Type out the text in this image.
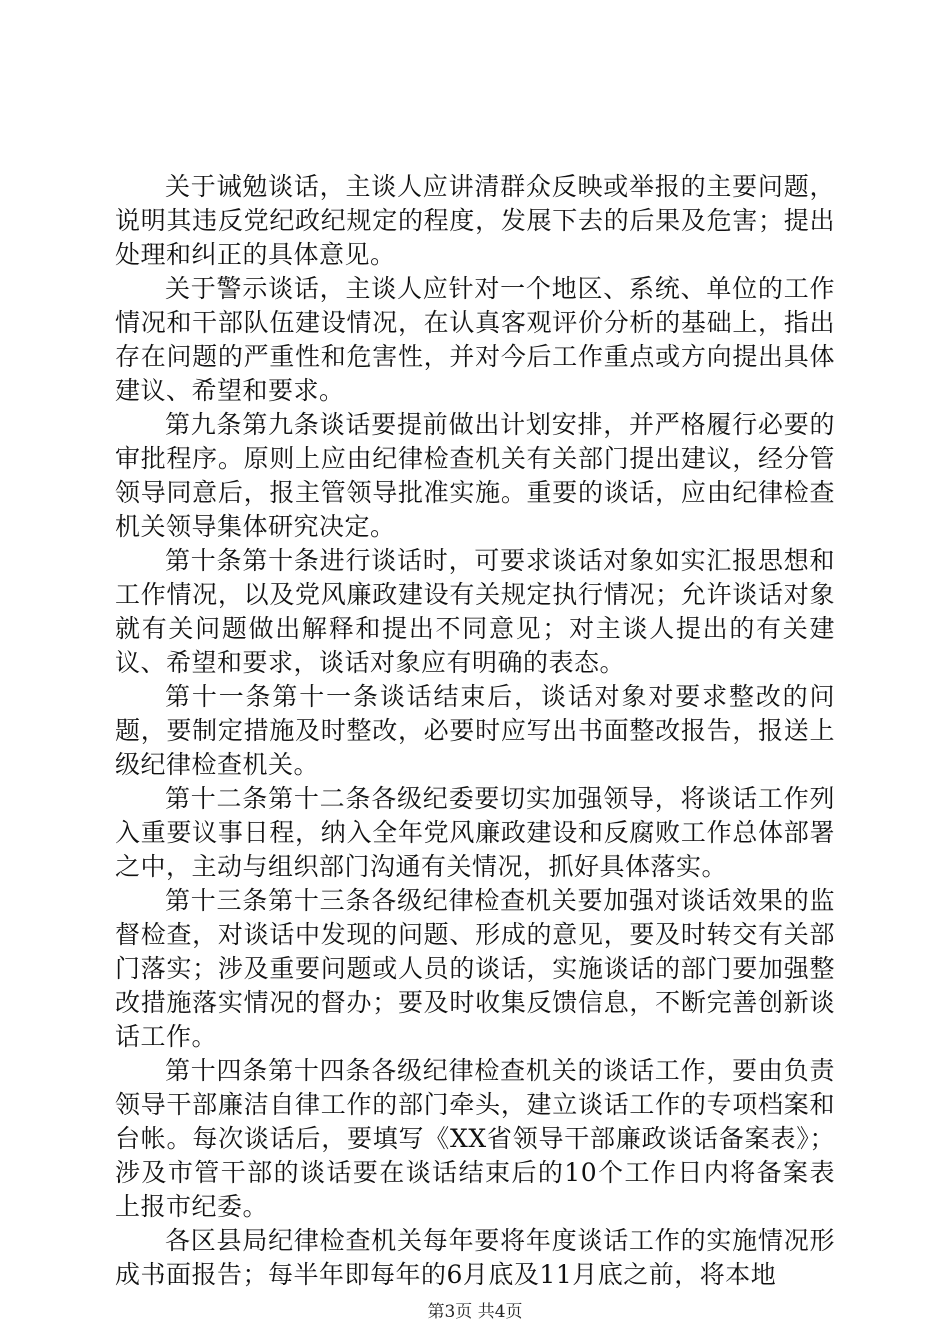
关于诫勉谈话，主谈人应讲清群众反映或举报的主要问题，说明其违反党纪政纪规定的程度，发展下去的后果及危害；提出处理和纠正的具体意见。

关于警示谈话，主谈人应针对一个地区、系统、单位的工作情况和干部队伍建设情况，在认真客观评价分析的基础上，指出存在问题的严重性和危害性，并对今后工作重点或方向提出具体建议、希望和要求。

第九条第九条谈话要提前做出计划安排，并严格履行必要的审批程序。原则上应由纪律检查机关有关部门提出建议，经分管领导同意后，报主管领导批准实施。重要的谈话，应由纪律检查机关领导集体研究决定。

第十条第十条进行谈话时，可要求谈话对象如实汇报思想和工作情况，以及党风廉政建设有关规定执行情况；允许谈话对象就有关问题做出解释和提出不同意见；对主谈人提出的有关建议、希望和要求，谈话对象应有明确的表态。

第十一条第十一条谈话结束后，谈话对象对要求整改的问题，要制定措施及时整改，必要时应写出书面整改报告，报送上级纪律检查机关。

第十二条第十二条各级纪委要切实加强领导，将谈话工作列入重要议事日程，纳入全年党风廉政建设和反腐败工作总体部署之中，主动与组织部门沟通有关情况，抓好具体落实。

第十三条第十三条各级纪律检查机关要加强对谈话效果的监督检查，对谈话中发现的问题、形成的意见，要及时转交有关部门落实；涉及重要问题或人员的谈话，实施谈话的部门要加强整改措施落实情况的督办；要及时收集反馈信息，不断完善创新谈话工作。

第十四条第十四条各级纪律检查机关的谈话工作，要由负责领导干部廉洁自律工作的部门牵头，建立谈话工作的专项档案和台帐。每次谈话后，要填写《XX省领导干部廉政谈话备案表》；涉及市管干部的谈话要在谈话结束后的10个工作日内将备案表上报市纪委。

各区县局纪律检查机关每年要将年度谈话工作的实施情况形成书面报告；每半年即每年的6月底及11月底之前，将本地

第3页 共4页
